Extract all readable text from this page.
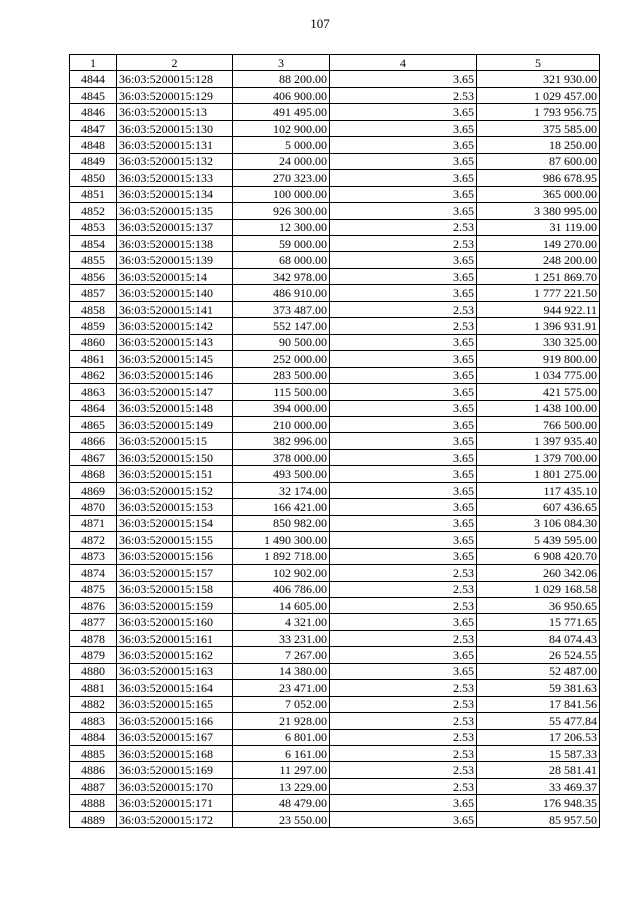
107
1	2	3	4	5
4844	36:03:5200015:128	88 200.00	3.65	321 930.00
4845	36:03:5200015:129	406 900.00	2.53	1 029 457.00
4846	36:03:5200015:13	491 495.00	3.65	1 793 956.75
4847	36:03:5200015:130	102 900.00	3.65	375 585.00
4848	36:03:5200015:131	5 000.00	3.65	18 250.00
4849	36:03:5200015:132	24 000.00	3.65	87 600.00
4850	36:03:5200015:133	270 323.00	3.65	986 678.95
4851	36:03:5200015:134	100 000.00	3.65	365 000.00
4852	36:03:5200015:135	926 300.00	3.65	3 380 995.00
4853	36:03:5200015:137	12 300.00	2.53	31 119.00
4854	36:03:5200015:138	59 000.00	2.53	149 270.00
4855	36:03:5200015:139	68 000.00	3.65	248 200.00
4856	36:03:5200015:14	342 978.00	3.65	1 251 869.70
4857	36:03:5200015:140	486 910.00	3.65	1 777 221.50
4858	36:03:5200015:141	373 487.00	2.53	944 922.11
4859	36:03:5200015:142	552 147.00	2.53	1 396 931.91
4860	36:03:5200015:143	90 500.00	3.65	330 325.00
4861	36:03:5200015:145	252 000.00	3.65	919 800.00
4862	36:03:5200015:146	283 500.00	3.65	1 034 775.00
4863	36:03:5200015:147	115 500.00	3.65	421 575.00
4864	36:03:5200015:148	394 000.00	3.65	1 438 100.00
4865	36:03:5200015:149	210 000.00	3.65	766 500.00
4866	36:03:5200015:15	382 996.00	3.65	1 397 935.40
4867	36:03:5200015:150	378 000.00	3.65	1 379 700.00
4868	36:03:5200015:151	493 500.00	3.65	1 801 275.00
4869	36:03:5200015:152	32 174.00	3.65	117 435.10
4870	36:03:5200015:153	166 421.00	3.65	607 436.65
4871	36:03:5200015:154	850 982.00	3.65	3 106 084.30
4872	36:03:5200015:155	1 490 300.00	3.65	5 439 595.00
4873	36:03:5200015:156	1 892 718.00	3.65	6 908 420.70
4874	36:03:5200015:157	102 902.00	2.53	260 342.06
4875	36:03:5200015:158	406 786.00	2.53	1 029 168.58
4876	36:03:5200015:159	14 605.00	2.53	36 950.65
4877	36:03:5200015:160	4 321.00	3.65	15 771.65
4878	36:03:5200015:161	33 231.00	2.53	84 074.43
4879	36:03:5200015:162	7 267.00	3.65	26 524.55
4880	36:03:5200015:163	14 380.00	3.65	52 487.00
4881	36:03:5200015:164	23 471.00	2.53	59 381.63
4882	36:03:5200015:165	7 052.00	2.53	17 841.56
4883	36:03:5200015:166	21 928.00	2.53	55 477.84
4884	36:03:5200015:167	6 801.00	2.53	17 206.53
4885	36:03:5200015:168	6 161.00	2.53	15 587.33
4886	36:03:5200015:169	11 297.00	2.53	28 581.41
4887	36:03:5200015:170	13 229.00	2.53	33 469.37
4888	36:03:5200015:171	48 479.00	3.65	176 948.35
4889	36:03:5200015:172	23 550.00	3.65	85 957.50
